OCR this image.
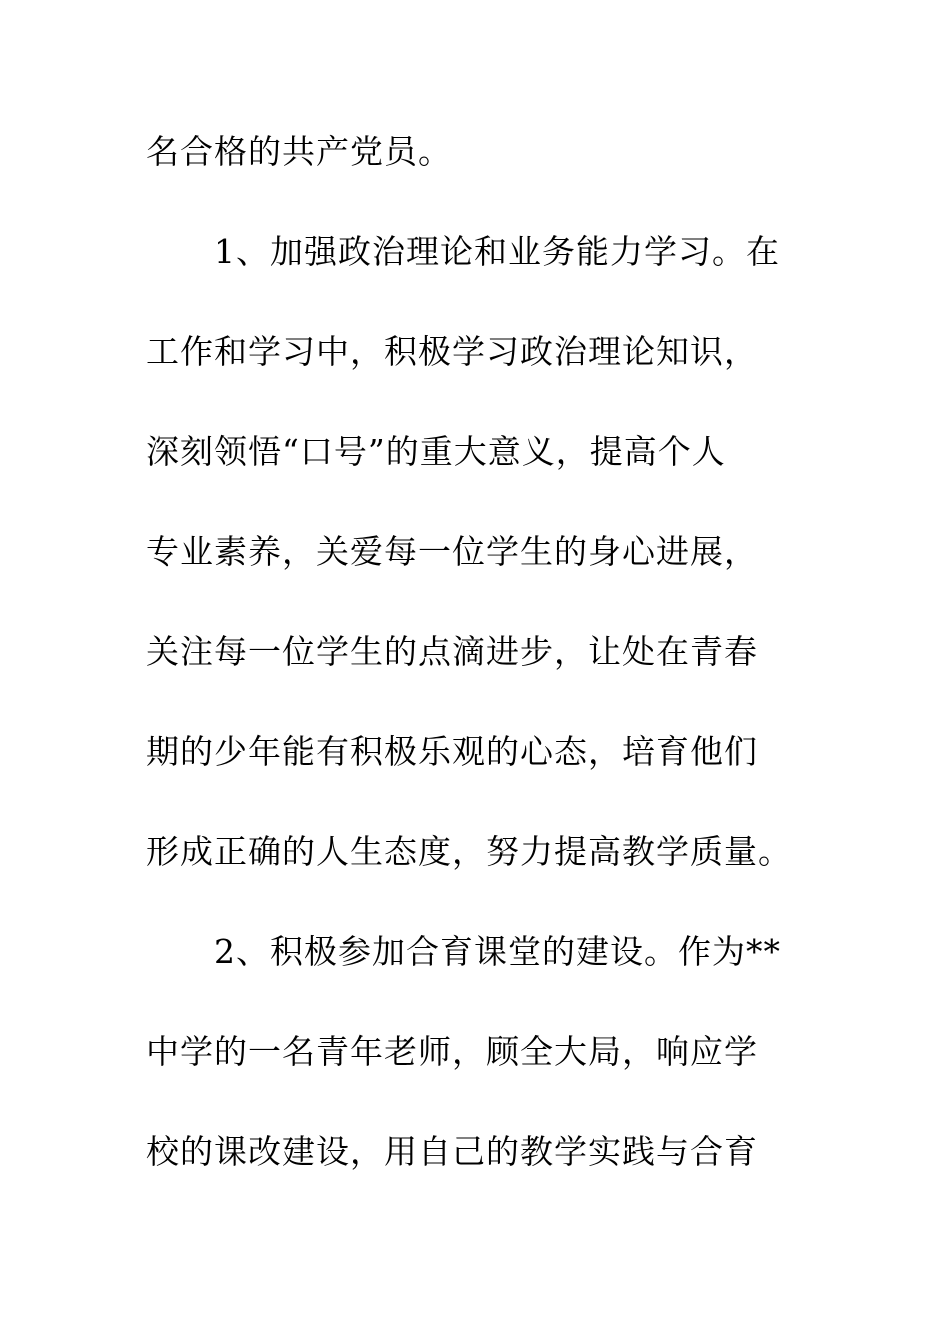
名合格的共产党员。
1、加强政治理论和业务能力学习。在
工作和学习中，积极学习政治理论知识，
深刻领悟“口号”的重大意义，提高个人
专业素养，关爱每一位学生的身心进展，
关注每一位学生的点滴进步，让处在青春
期的少年能有积极乐观的心态，培育他们
形成正确的人生态度，努力提高教学质量。
2、积极参加合育课堂的建设。作为**
中学的一名青年老师，顾全大局，响应学
校的课改建设，用自己的教学实践与合育
